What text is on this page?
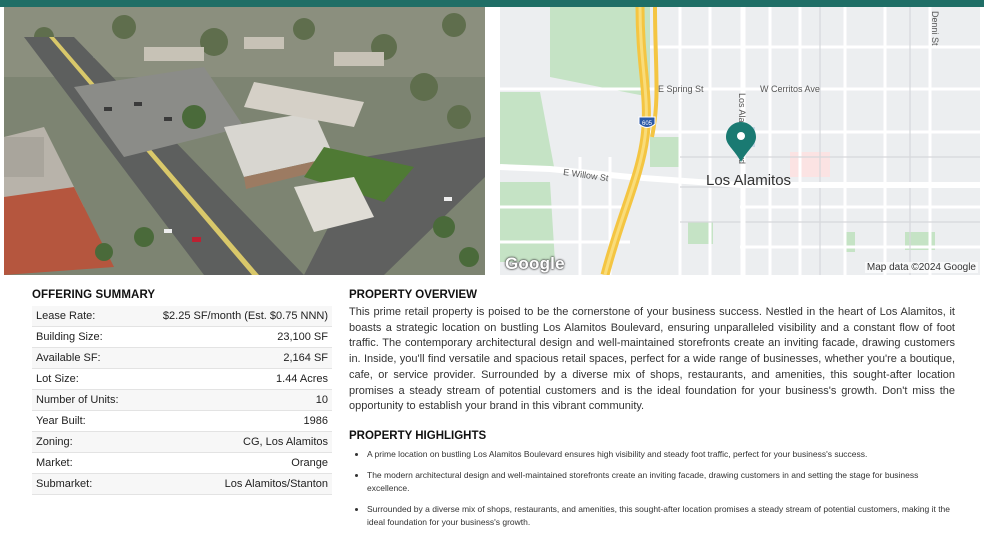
E Spring St	W Cerritos Ave
E Willow St
Denni St
605
Los Alamitos
Google	Map data ©2024 Google
OFFERING SUMMARY
Lease Rate:	$2.25 SF/month (Est. $0.75 NNN)
Building Size:	23,100 SF
Available SF:	2,164 SF
Lot Size:	1.44 Acres
Number of Units:	10
Year Built:	1986
Zoning:	CG, Los Alamitos
Market:	Orange
Submarket:	Los Alamitos/Stanton
PROPERTY OVERVIEW

This prime retail property is poised to be the cornerstone of your business success. Nestled in the heart of Los Alamitos, it boasts a strategic location on bustling Los Alamitos Boulevard, ensuring unparalleled visibility and a constant flow of foot traffic. The contemporary architectural design and well-maintained storefronts create an inviting facade, drawing customers in. Inside, you'll find versatile and spacious retail spaces, perfect for a wide range of businesses, whether you're a boutique, cafe, or service provider. Surrounded by a diverse mix of shops, restaurants, and amenities, this sought-after location promises a steady stream of potential customers and is the ideal foundation for your business's growth. Don't miss the opportunity to establish your brand in this vibrant community.

PROPERTY HIGHLIGHTS
• A prime location on bustling Los Alamitos Boulevard ensures high visibility and steady foot traffic, perfect for your business's success.
• The modern architectural design and well-maintained storefronts create an inviting facade, drawing customers in and setting the stage for business excellence.
• Surrounded by a diverse mix of shops, restaurants, and amenities, this sought-after location promises a steady stream of potential customers, making it the ideal foundation for your business's growth.
